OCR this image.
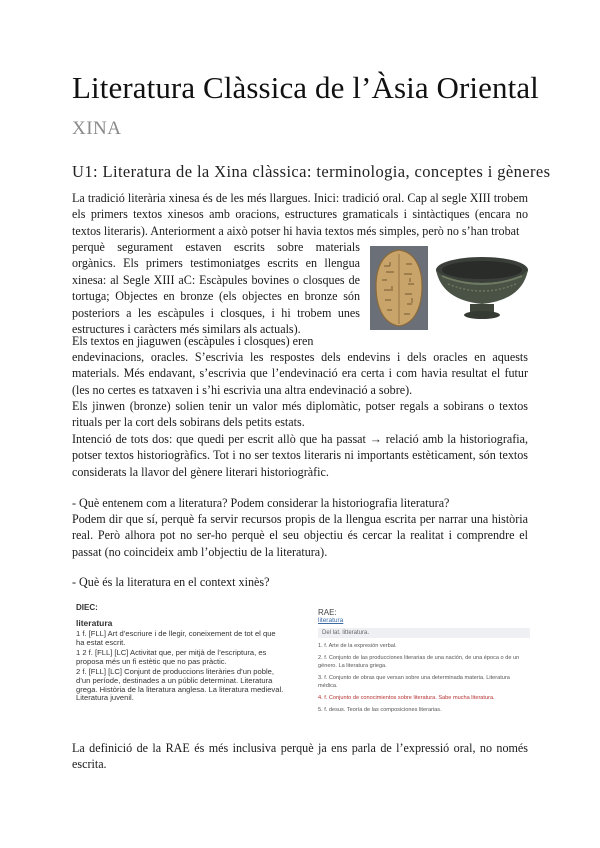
Literatura Clàssica de l’Àsia Oriental
XINA
U1: Literatura de la Xina clàssica: terminologia, conceptes i gèneres

La tradició literària xinesa és de les més llargues. Inici: tradició oral. Cap al segle XIII trobem els primers textos xinesos amb oracions, estructures gramaticals i sintàctiques (encara no textos literaris). Anteriorment a això potser hi havia textos més simples, però no s’han trobat

perquè segurament estaven escrits sobre materials orgànics. Els primers testimoniatges escrits en llengua xinesa: al Segle XIII aC: Escàpules bovines o closques de tortuga; Objectes en bronze (els objectes en bronze són posteriors a les escàpules i closques, i hi trobem unes estructures i caràcters més similars als actuals).

Els textos en jiaguwen (escàpules i closques) eren

endevinacions, oracles. S’escrivia les respostes dels endevins i dels oracles en aquests materials. Més endavant, s’escrivia que l’endevinació era certa i com havia resultat el futur (les no certes es tatxaven i s’hi escrivia una altra endevinació a sobre).

Els jinwen (bronze) solien tenir un valor més diplomàtic, potser regals a sobirans o textos rituals per la cort dels sobirans dels petits estats.

Intenció de tots dos: que quedi per escrit allò que ha passat → relació amb la historiografia, potser textos historiogràfics. Tot i no ser textos literaris ni importants estèticament, són textos considerats la llavor del gènere literari historiogràfic.

- Què entenem com a literatura? Podem considerar la historiografia literatura?

Podem dir que sí, perquè fa servir recursos propis de la llengua escrita per narrar una història real. Però alhora pot no ser-ho perquè el seu objectiu és cercar la realitat i comprendre el passat (no coincideix amb l’objectiu de la literatura).

- Què és la literatura en el context xinès?

DIEC:
literatura
1 f. [FLL] Art d’escriure i de llegir, coneixement de tot el que ha estat escrit.
1 2 f. [FLL] [LC] Activitat que, per mitjà de l’escriptura, es proposa més un fi estètic que no pas pràctic.
2 f. [FLL] [LC] Conjunt de produccions literàries d’un poble, d’un període, destinades a un públic determinat. Literatura grega. Història de la literatura anglesa. La literatura medieval. Literatura juvenil.
RAE:
literatura
Del lat. litteratura.
1. f. Arte de la expresión verbal.
2. f. Conjunto de las producciones literarias de una nación, de una época o de un género. La literatura griega.
3. f. Conjunto de obras que versan sobre una determinada materia. Literatura médica.
4. f. Conjunto de conocimientos sobre literatura. Sabe mucha literatura.
5. f. desus. Teoría de las composiciones literarias.

La definició de la RAE és més inclusiva perquè ja ens parla de l’expressió oral, no només escrita.
